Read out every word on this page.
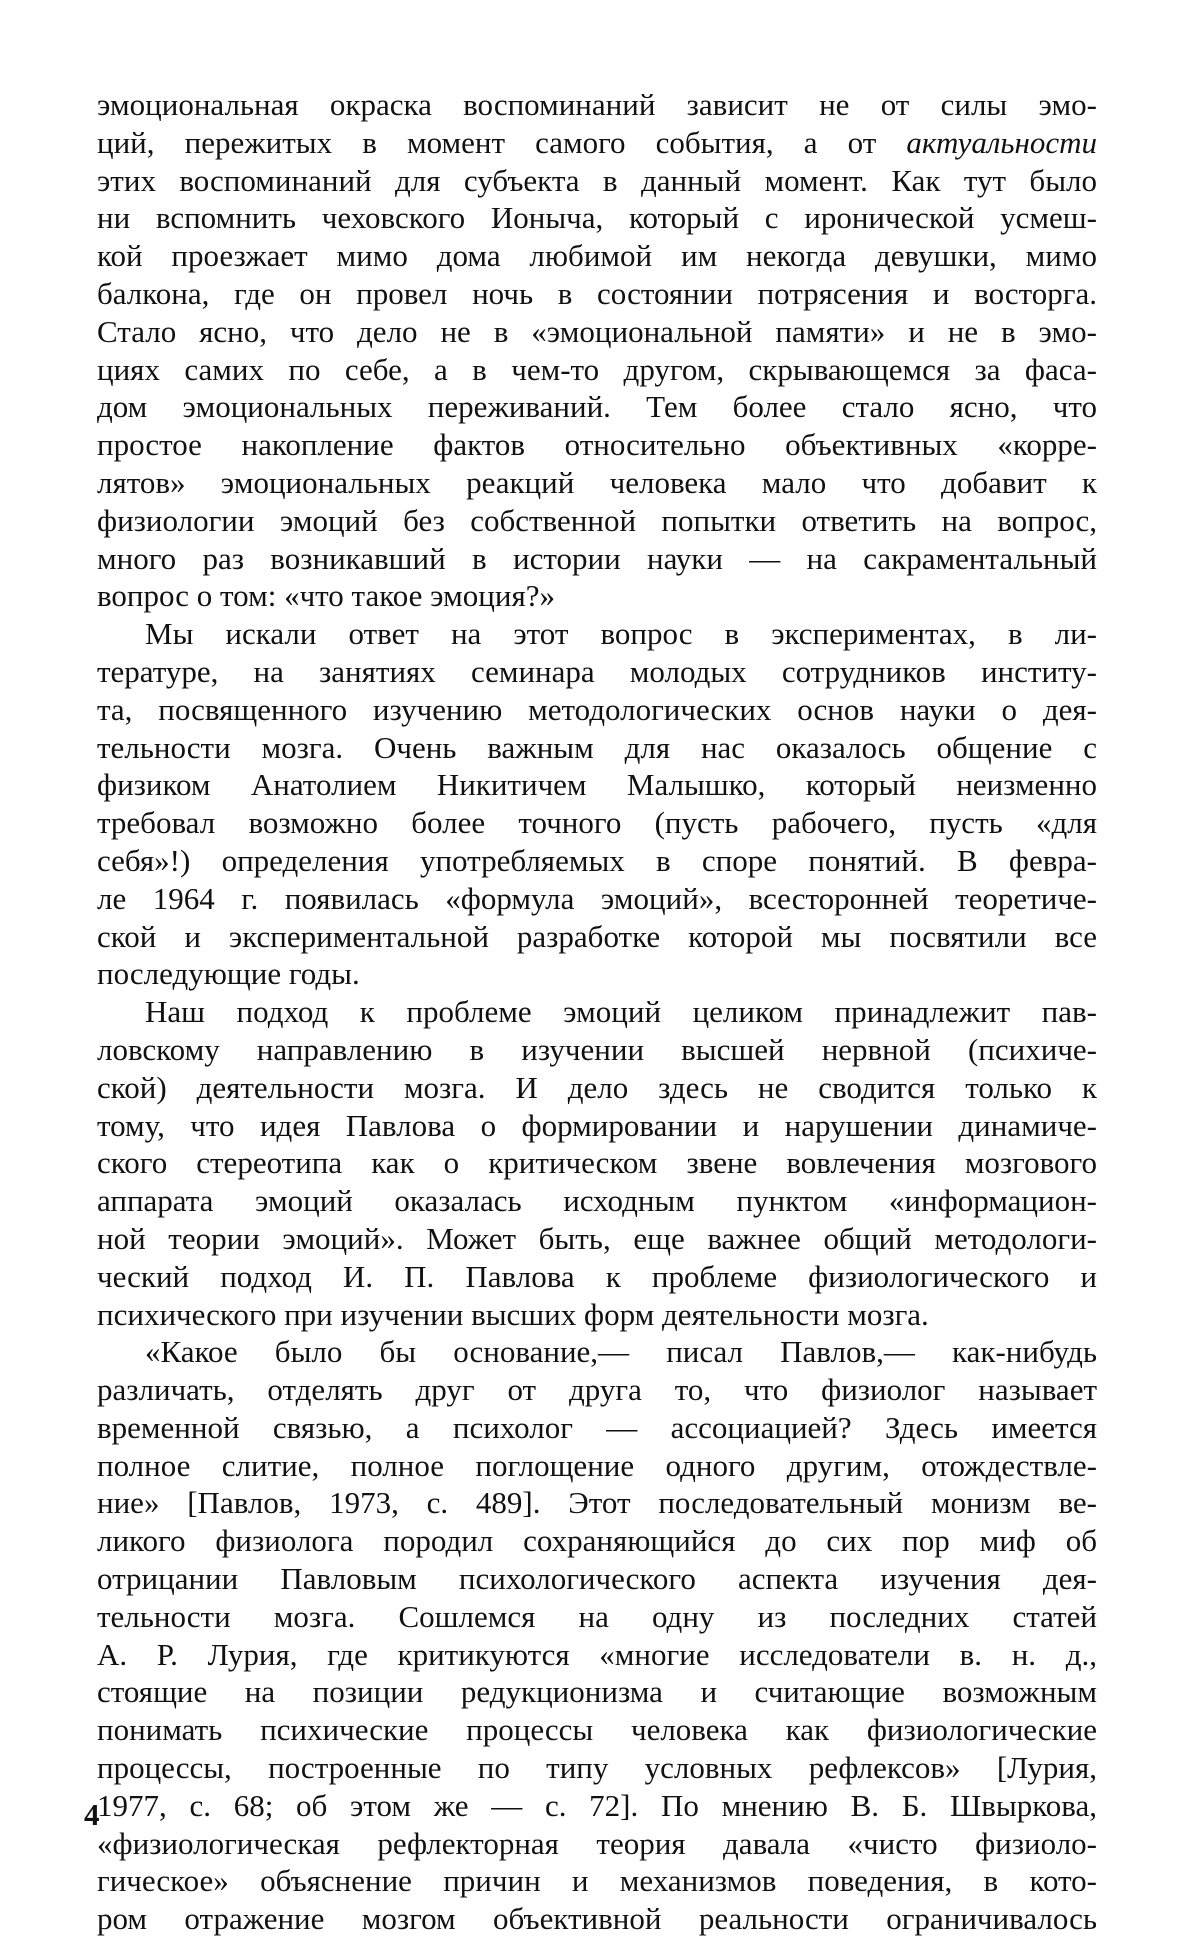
эмоциональная окраска воспоминаний зависит не от силы эмо-
ций, пережитых в момент самого события, а от актуальности
этих воспоминаний для субъекта в данный момент. Как тут было
ни вспомнить чеховского Ионыча, который с иронической усмеш-
кой проезжает мимо дома любимой им некогда девушки, мимо
балкона, где он провел ночь в состоянии потрясения и восторга.
Стало ясно, что дело не в «эмоциональной памяти» и не в эмо-
циях самих по себе, а в чем-то другом, скрывающемся за фаса-
дом эмоциональных переживаний. Тем более стало ясно, что
простое накопление фактов относительно объективных «корре-
лятов» эмоциональных реакций человека мало что добавит к
физиологии эмоций без собственной попытки ответить на вопрос,
много раз возникавший в истории науки — на сакраментальный
вопрос о том: «что такое эмоция?»
Мы искали ответ на этот вопрос в экспериментах, в ли-
тературе, на занятиях семинара молодых сотрудников институ-
та, посвященного изучению методологических основ науки о дея-
тельности мозга. Очень важным для нас оказалось общение с
физиком Анатолием Никитичем Малышко, который неизменно
требовал возможно более точного (пусть рабочего, пусть «для
себя»!) определения употребляемых в споре понятий. В февра-
ле 1964 г. появилась «формула эмоций», всесторонней теоретиче-
ской и экспериментальной разработке которой мы посвятили все
последующие годы.
Наш подход к проблеме эмоций целиком принадлежит пав-
ловскому направлению в изучении высшей нервной (психиче-
ской) деятельности мозга. И дело здесь не сводится только к
тому, что идея Павлова о формировании и нарушении динамиче-
ского стереотипа как о критическом звене вовлечения мозгового
аппарата эмоций оказалась исходным пунктом «информацион-
ной теории эмоций». Может быть, еще важнее общий методологи-
ческий подход И. П. Павлова к проблеме физиологического и
психического при изучении высших форм деятельности мозга.
«Какое было бы основание,— писал Павлов,— как-нибудь
различать, отделять друг от друга то, что физиолог называет
временной связью, а психолог — ассоциацией? Здесь имеется
полное слитие, полное поглощение одного другим, отождествле-
ние» [Павлов, 1973, с. 489]. Этот последовательный монизм ве-
ликого физиолога породил сохраняющийся до сих пор миф об
отрицании Павловым психологического аспекта изучения дея-
тельности мозга. Сошлемся на одну из последних статей
А. Р. Лурия, где критикуются «многие исследователи в. н. д.,
стоящие на позиции редукционизма и считающие возможным
понимать психические процессы человека как физиологические
процессы, построенные по типу условных рефлексов» [Лурия,
1977, с. 68; об этом же — с. 72]. По мнению В. Б. Швыркова,
«физиологическая рефлекторная теория давала «чисто физиоло-
гическое» объяснение причин и механизмов поведения, в кото-
ром отражение мозгом объективной реальности ограничивалось
4
